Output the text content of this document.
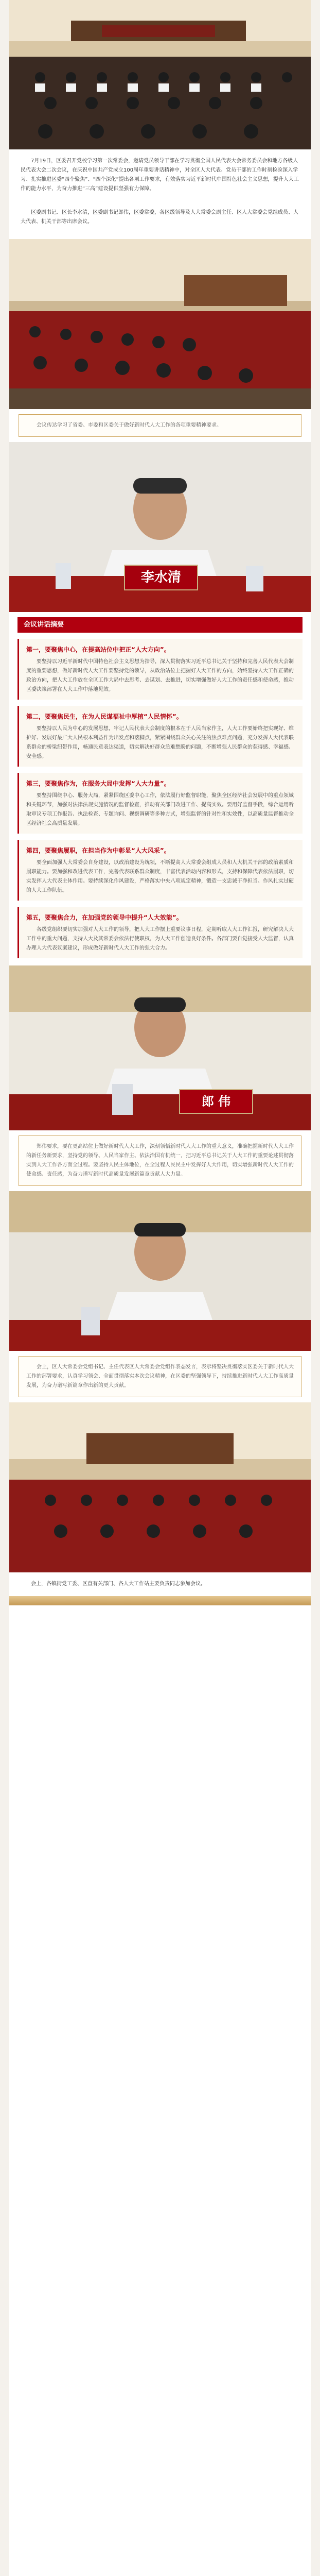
7月19日，区委召开党校学习第一次常委会，邀请党员领导干部在学习贯彻全国人民代表大会常务委员会和地方各级人民代表大会二次会议，在庆祝中国共产党成立100周年重要讲话精神中，对全区人大代表、党员干部的工作时刻检验深入学习、扎实推进区委“四个聚焦”、“四个深化”提出各项工作要求，有效落实习近平新时代中国特色社会主义思想，提升人大工作的能力水平，为奋力推进“三高”建设提供坚强有力保障。
区委副书记、区长李水清，区委副书记郎伟，区委常委，各区级领导及人大常委会副主任、区人大常委会党组成员、人大代表、机关干部等出席会议。
会议传达学习了省委、市委和区委关于做好新时代人大工作的各项重要精神要求。
李水清
会议讲话摘要
第一，要聚焦中心，在提高站位中把正“人大方向”。
要坚持以习近平新时代中国特色社会主义思想为指导，深入贯彻落实习近平总书记关于坚持和完善人民代表大会制度的重要思想，做好新时代人大工作要坚持党的领导，从政治站位上把握好人大工作的方向，始终坚持人大工作正确的政治方向，把人大工作放在全区工作大局中去思考、去谋划、去推进，切实增强做好人大工作的责任感和使命感，推动区委决策部署在人大工作中落地见效。
第二，要聚焦民生，在为人民谋福祉中厚植“人民情怀”。
要坚持以人民为中心的发展思想，牢记人民代表大会制度的根本在于人民当家作主，人大工作要始终把实现好、维护好、发展好最广大人民根本利益作为出发点和落脚点，紧紧围绕群众关心关注的热点难点问题，充分发挥人大代表联系群众的桥梁纽带作用，畅通民意表达渠道，切实解决好群众急难愁盼的问题，不断增强人民群众的获得感、幸福感、安全感。
第三，要聚焦作为，在服务大局中发挥“人大力量”。
要坚持围绕中心、服务大局，紧紧围绕区委中心工作，依法履行好监督职能，聚焦全区经济社会发展中的重点领域和关键环节，加强对法律法规实施情况的监督检查，推动有关部门改进工作、提高实效。要用好监督手段，综合运用听取审议专项工作报告、执法检查、专题询问、视察调研等多种方式，增强监督的针对性和实效性，以高质量监督推动全区经济社会高质量发展。
第四，要聚焦履职，在担当作为中彰显“人大风采”。
要全面加强人大常委会自身建设，以政治建设为统领，不断提高人大常委会组成人员和人大机关干部的政治素质和履职能力。要加强和改进代表工作，完善代表联系群众制度，丰富代表活动内容和形式，支持和保障代表依法履职，切实发挥人大代表主体作用。要持续深化作风建设，严格落实中央八项规定精神，锻造一支忠诚干净担当、作风扎实过硬的人大工作队伍。
第五，要聚焦合力，在加强党的领导中提升“人大效能”。
各级党组织要切实加强对人大工作的领导，把人大工作摆上重要议事日程，定期听取人大工作汇报，研究解决人大工作中的重大问题，支持人大及其常委会依法行使职权，为人大工作创造良好条件。各部门要自觉接受人大监督，认真办理人大代表议案建议，形成做好新时代人大工作的强大合力。
郎 伟
郑伟要求，要在更高站位上做好新时代人大工作，深刻领悟新时代人大工作的重大意义，准确把握新时代人大工作的新任务新要求，坚持党的领导、人民当家作主、依法治国有机统一，把习近平总书记关于人大工作的重要论述贯彻落实到人大工作各方面全过程。要坚持人民主体地位，在全过程人民民主中发挥好人大作用，切实增强新时代人大工作的使命感、责任感，为奋力谱写新时代高质量发展新篇章贡献人大力量。
会上，区人大常委会党组书记、主任代表区人大常委会党组作表态发言，表示将坚决贯彻落实区委关于新时代人大工作的部署要求，认真学习领会、全面贯彻落实本次会议精神，在区委的坚强领导下，持续推进新时代人大工作高质量发展，为奋力谱写新篇章作出新的更大贡献。
会上，各镇街党工委、区直有关部门、各人大工作站主要负责同志参加会议。
